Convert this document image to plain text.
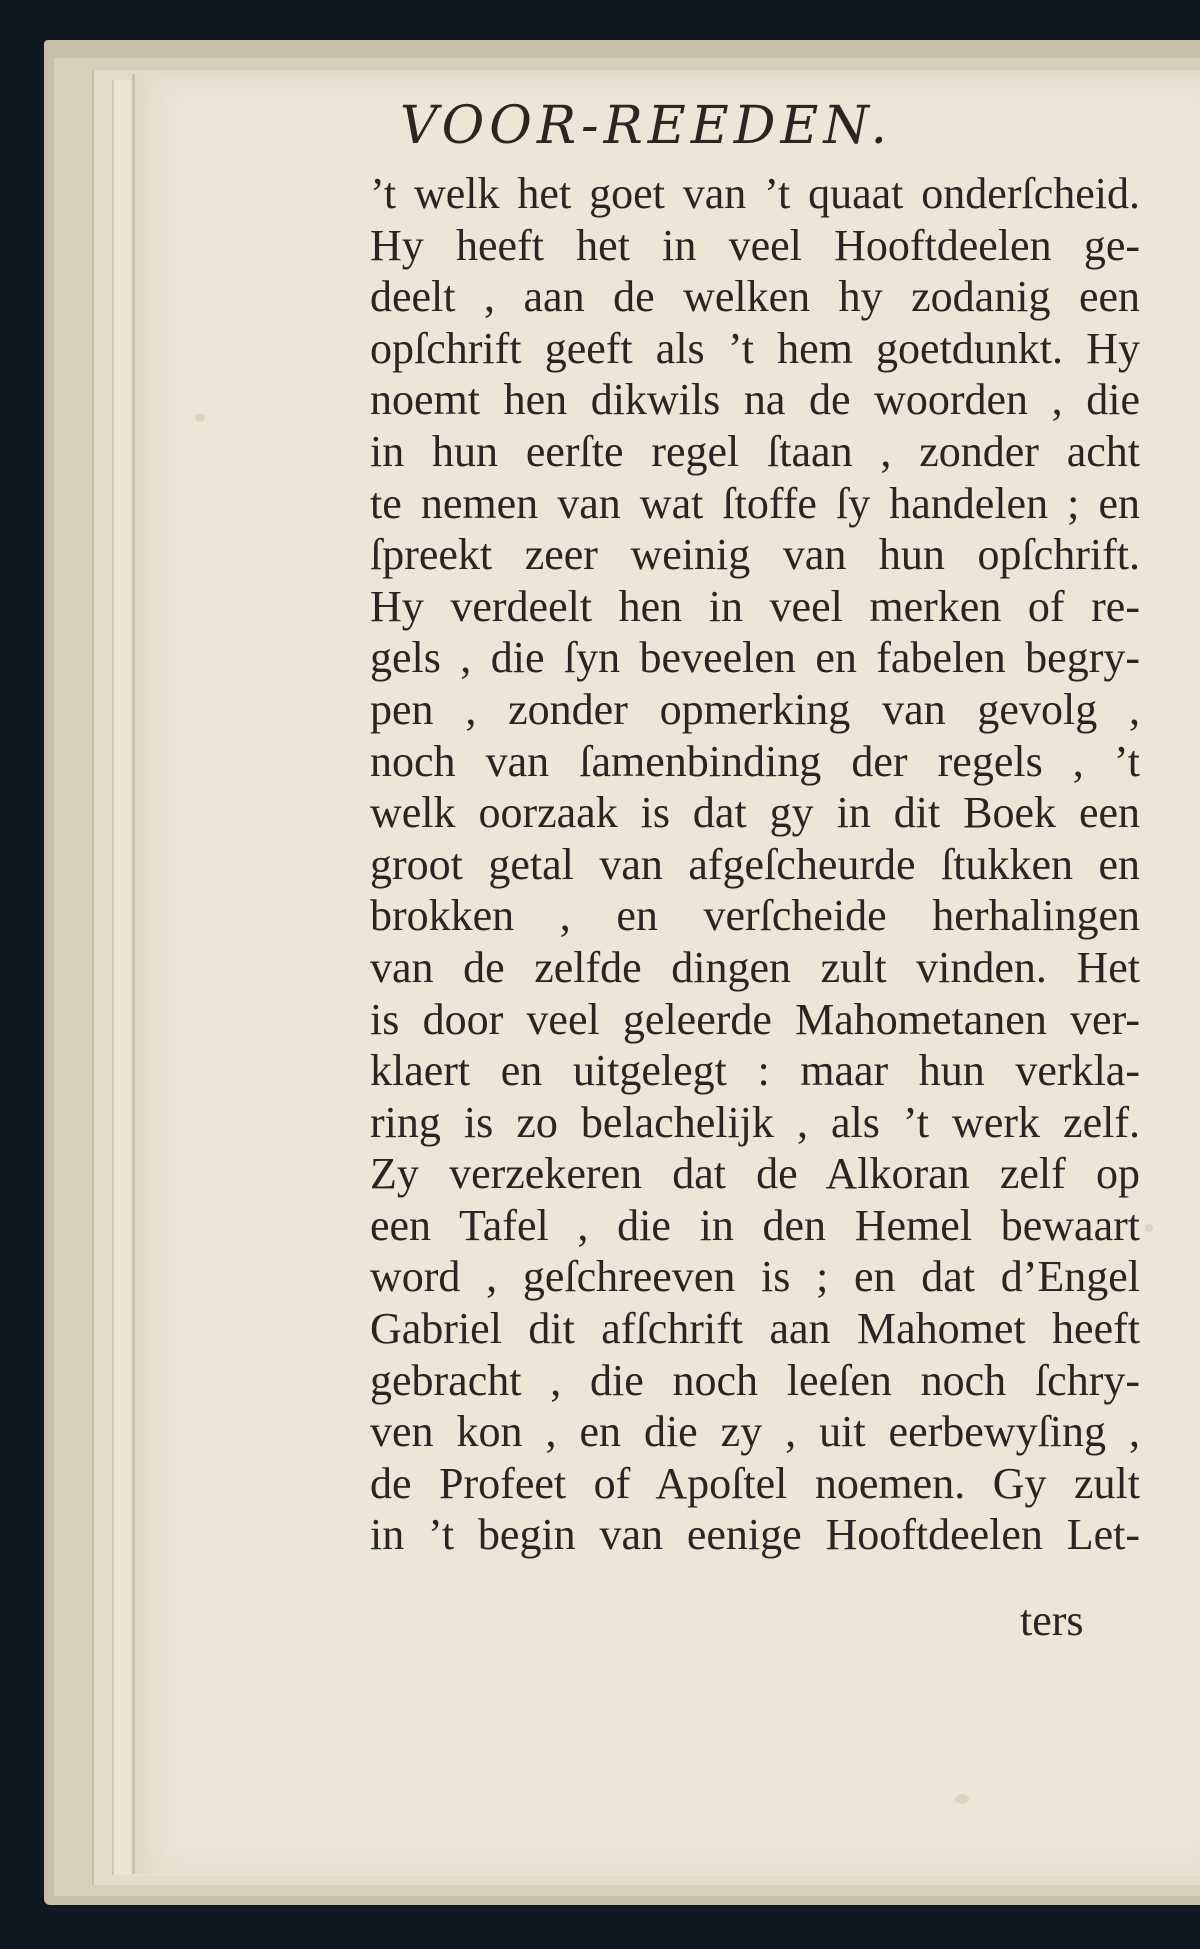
VOOR-REEDEN.
’t welk het goet van ’t quaat onderſcheid.
Hy heeft het in veel Hooftdeelen ge-
deelt , aan de welken hy zodanig een
opſchrift geeft als ’t hem goetdunkt. Hy
noemt hen dikwils na de woorden , die
in hun eerſte regel ſtaan , zonder acht
te nemen van wat ſtoffe ſy handelen ; en
ſpreekt zeer weinig van hun opſchrift.
Hy verdeelt hen in veel merken of re-
gels , die ſyn beveelen en fabelen begry-
pen , zonder opmerking van gevolg ,
noch van ſamenbinding der regels , ’t
welk oorzaak is dat gy in dit Boek een
groot getal van afgeſcheurde ſtukken en
brokken , en verſcheide herhalingen
van de zelfde dingen zult vinden. Het
is door veel geleerde Mahometanen ver-
klaert en uitgelegt : maar hun verkla-
ring is zo belachelijk , als ’t werk zelf.
Zy verzekeren dat de Alkoran zelf op
een Tafel , die in den Hemel bewaart
word , geſchreeven is ; en dat d’Engel
Gabriel dit afſchrift aan Mahomet heeft
gebracht , die noch leeſen noch ſchry-
ven kon , en die zy , uit eerbewyſing ,
de Profeet of Apoſtel noemen. Gy zult
in ’t begin van eenige Hooftdeelen Let-

ters
